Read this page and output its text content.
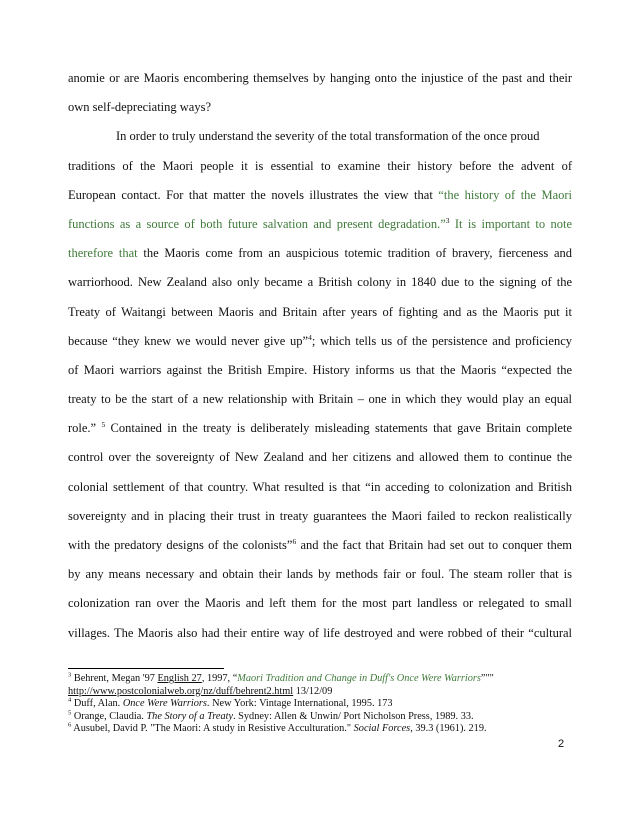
anomie or are Maoris encombering themselves by hanging onto the injustice of the past and their
own self-depreciating ways?
In order to truly understand the severity of the total transformation of the once proud
traditions of the Maori people it is essential to examine their history before the advent of
European contact. For that matter the novels illustrates the view that “the history of the Maori
functions as a source of both future salvation and present degradation.”$^3$ It is important to note
therefore that the Maoris come from an auspicious totemic tradition of bravery, fierceness and
warriorhood. New Zealand also only became a British colony in 1840 due to the signing of the
Treaty of Waitangi between Maoris and Britain after years of fighting and as the Maoris put it
because “they knew we would never give up”$^4$; which tells us of the persistence and proficiency
of Maori warriors against the British Empire. History informs us that the Maoris “expected the
treaty to be the start of a new relationship with Britain – one in which they would play an equal
role.” $^5$ Contained in the treaty is deliberately misleading statements that gave Britain complete
control over the sovereignty of New Zealand and her citizens and allowed them to continue the
colonial settlement of that country. What resulted is that “in acceding to colonization and British
sovereignty and in placing their trust in treaty guarantees the Maori failed to reckon realistically
with the predatory designs of the colonists”$^6$ and the fact that Britain had set out to conquer them
by any means necessary and obtain their lands by methods fair or foul. The steam roller that is
colonization ran over the Maoris and left them for the most part landless or relegated to small
villages. The Maoris also had their entire way of life destroyed and were robbed of their “cultural
$^3$ Behrent, Megan '97 English 27, 1997, “Maori Tradition and Change in Duff's Once Were Warriors”""
http://www.postcolonialweb.org/nz/duff/behrent2.html 13/12/09
$^4$ Duff, Alan. Once Were Warriors. New York: Vintage International, 1995. 173
$^5$ Orange, Claudia. The Story of a Treaty. Sydney: Allen & Unwin/ Port Nicholson Press, 1989. 33.
$^6$ Ausubel, David P. "The Maori: A study in Resistive Acculturation." Social Forces, 39.3 (1961). 219.
2
